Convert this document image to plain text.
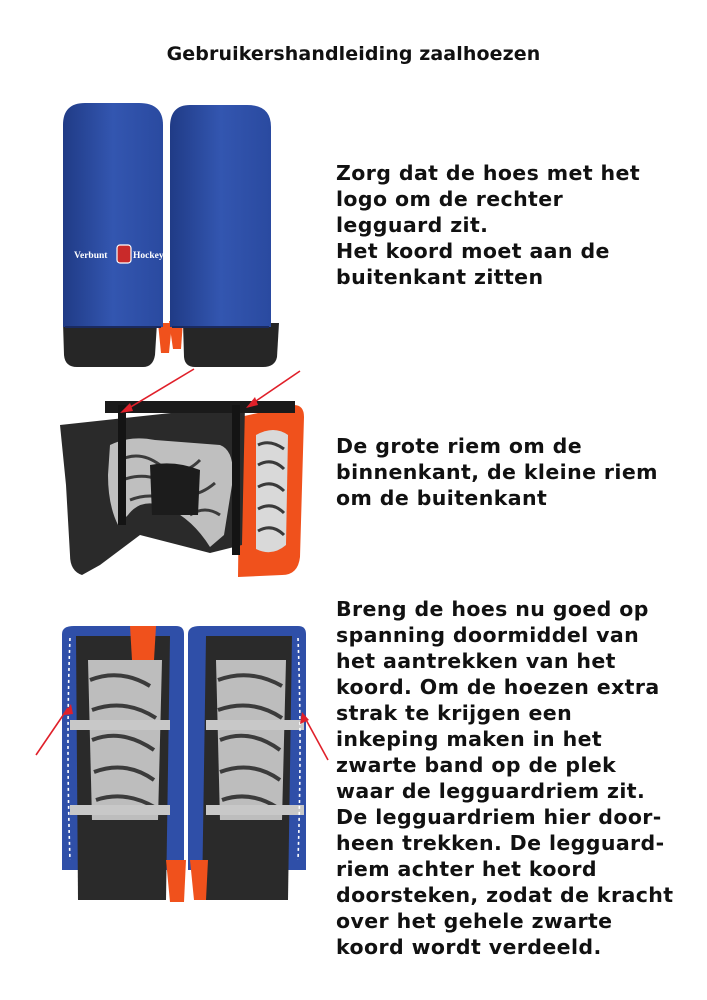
Gebruikershandleiding zaalhoezen
Verbunt	Hockey
Zorg dat de hoes met het
logo om de rechter
legguard zit.
Het koord moet aan de
buitenkant zitten
De grote riem om de
binnenkant, de kleine riem
om de buitenkant
Breng de hoes nu goed op
spanning doormiddel van
het aantrekken van het
koord. Om de hoezen extra
strak te krijgen een
inkeping maken in het
zwarte band op de plek
waar de legguardriem zit.
De legguardriem hier door-
heen trekken. De legguard-
riem achter het koord
doorsteken, zodat de kracht
over het gehele zwarte
koord wordt verdeeld.
